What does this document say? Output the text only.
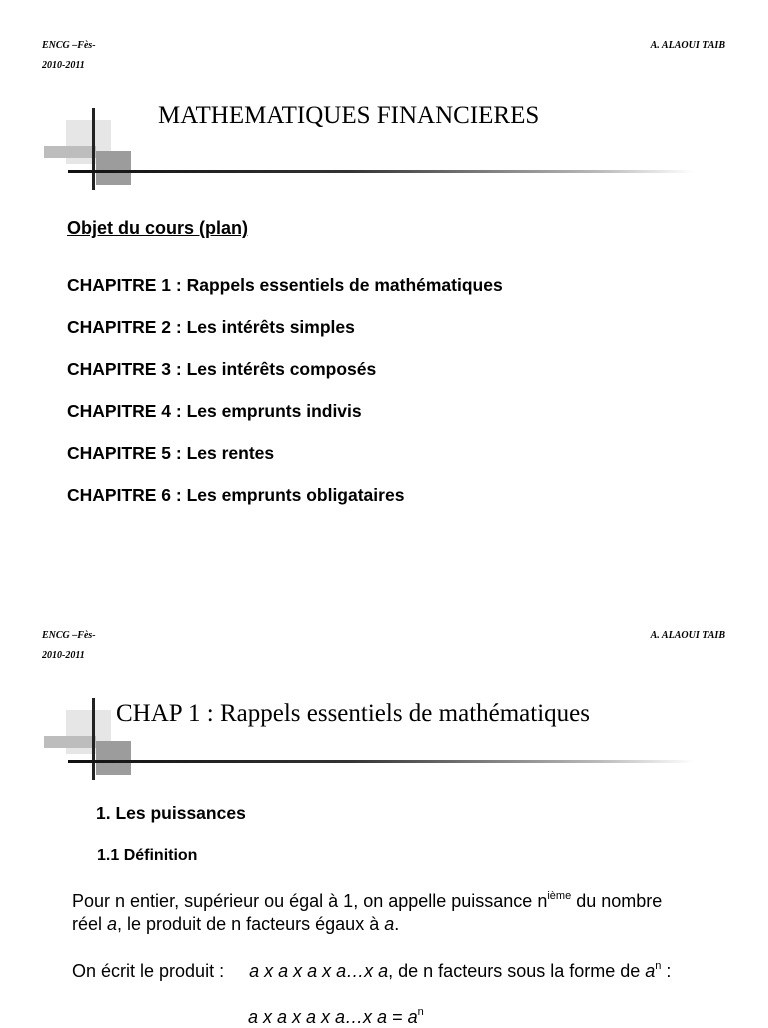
ENCG –Fès-
2010-2011
A. ALAOUI TAIB
MATHEMATIQUES FINANCIERES
Objet du cours (plan)
CHAPITRE 1 : Rappels essentiels de mathématiques
CHAPITRE 2 : Les intérêts simples
CHAPITRE 3 : Les intérêts composés
CHAPITRE 4 : Les emprunts indivis
CHAPITRE 5 : Les rentes
CHAPITRE 6 : Les emprunts obligataires
ENCG –Fès-
2010-2011
A. ALAOUI TAIB
CHAP 1 : Rappels essentiels de mathématiques
1. Les puissances
1.1 Définition
Pour n entier, supérieur ou égal à 1, on appelle puissance $n^{ième}$ du nombre
réel a, le produit de n facteurs égaux à a.
On écrit le produit :     a x a x a x a…x a, de n facteurs sous la forme de $a^n$ :
a x a x a x a…x $a = a^n$
